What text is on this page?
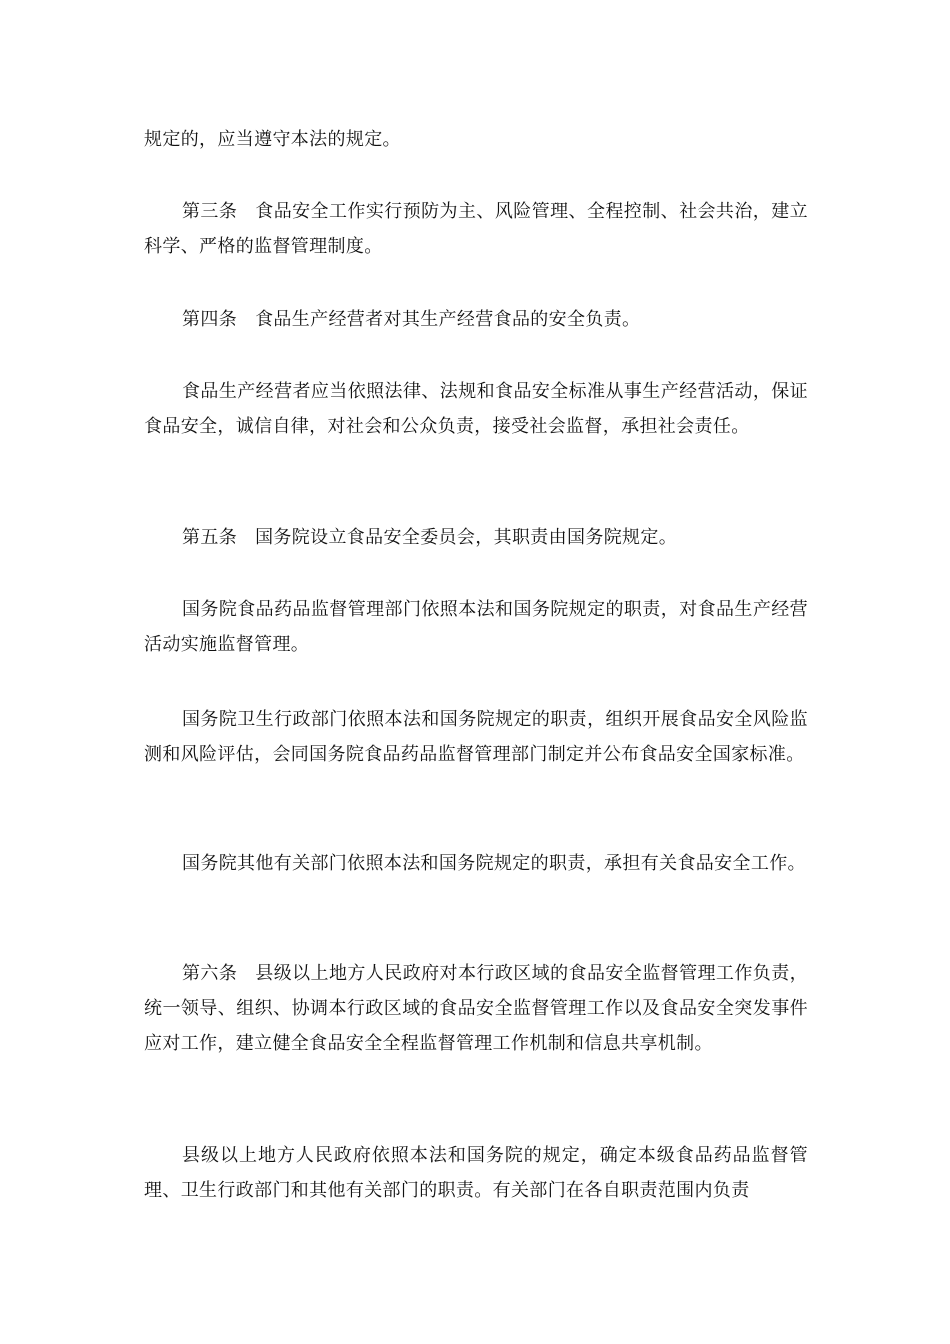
规定的，应当遵守本法的规定。

第三条 食品安全工作实行预防为主、风险管理、全程控制、社会共治，建立科学、严格的监督管理制度。

第四条 食品生产经营者对其生产经营食品的安全负责。

食品生产经营者应当依照法律、法规和食品安全标准从事生产经营活动，保证食品安全，诚信自律，对社会和公众负责，接受社会监督，承担社会责任。

第五条 国务院设立食品安全委员会，其职责由国务院规定。

国务院食品药品监督管理部门依照本法和国务院规定的职责，对食品生产经营活动实施监督管理。

国务院卫生行政部门依照本法和国务院规定的职责，组织开展食品安全风险监测和风险评估，会同国务院食品药品监督管理部门制定并公布食品安全国家标准。

国务院其他有关部门依照本法和国务院规定的职责，承担有关食品安全工作。

第六条 县级以上地方人民政府对本行政区域的食品安全监督管理工作负责，统一领导、组织、协调本行政区域的食品安全监督管理工作以及食品安全突发事件应对工作，建立健全食品安全全程监督管理工作机制和信息共享机制。

县级以上地方人民政府依照本法和国务院的规定，确定本级食品药品监督管理、卫生行政部门和其他有关部门的职责。有关部门在各自职责范围内负责
